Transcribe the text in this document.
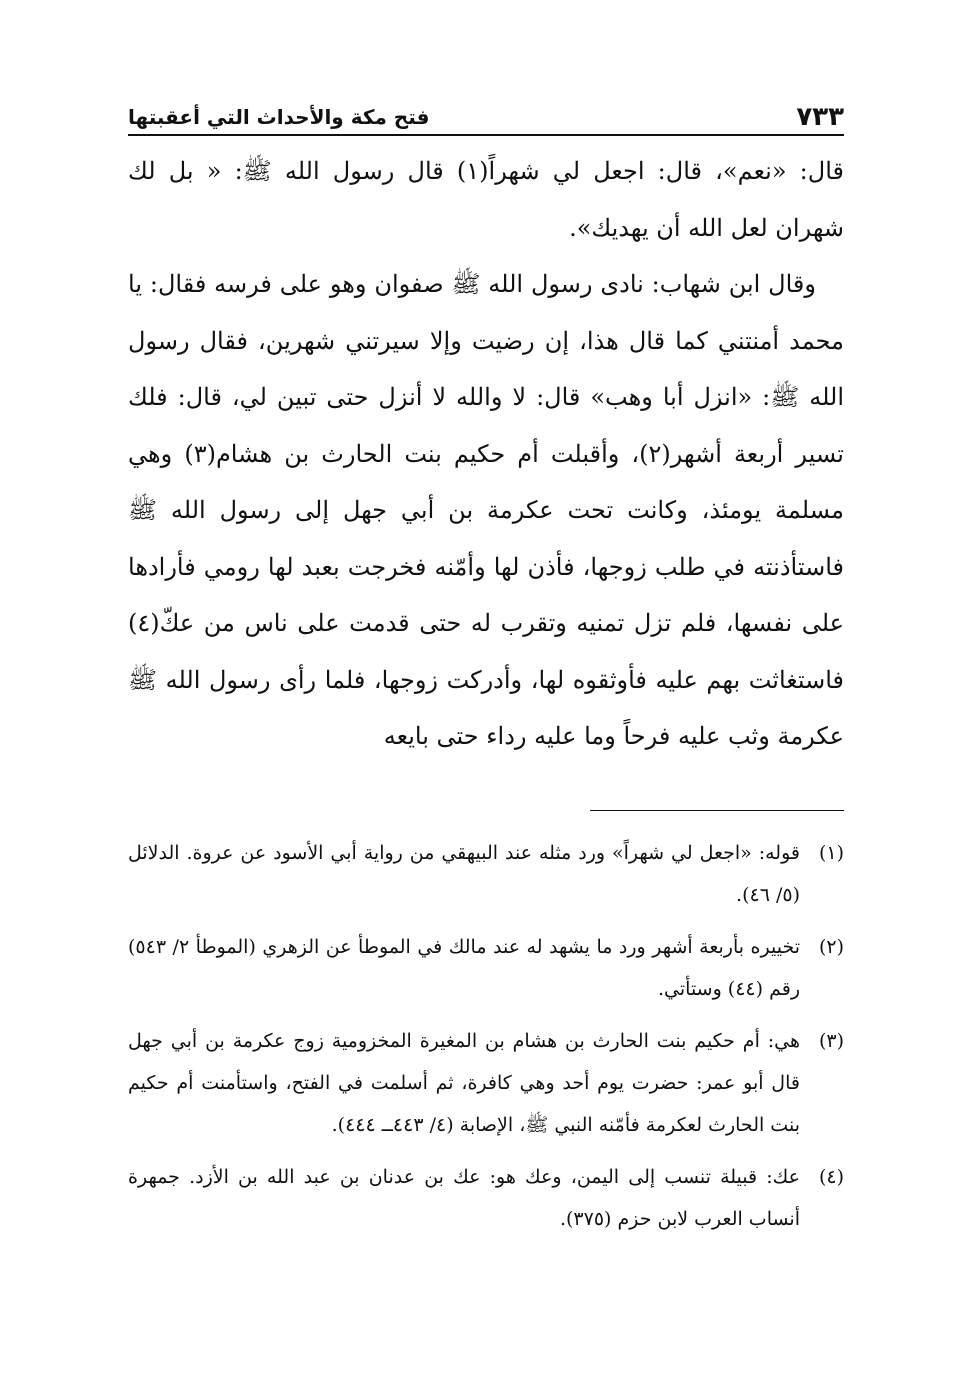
٧٣٣
فتح مكة والأحداث التي أعقبتها

قال: «نعم»، قال: اجعل لي شهراً(١) قال رسول الله ﷺ: « بل لك شهران لعل الله أن يهديك».

وقال ابن شهاب: نادى رسول الله ﷺ صفوان وهو على فرسه فقال: يا محمد أمنتني كما قال هذا، إن رضيت وإلا سيرتني شهرين، فقال رسول الله ﷺ: «انزل أبا وهب» قال: لا والله لا أنزل حتى تبين لي، قال: فلك تسير أربعة أشهر(٢)، وأقبلت أم حكيم بنت الحارث بن هشام(٣) وهي مسلمة يومئذ، وكانت تحت عكرمة بن أبي جهل إلى رسول الله ﷺ فاستأذنته في طلب زوجها، فأذن لها وأمّنه فخرجت بعبد لها رومي فأرادها على نفسها، فلم تزل تمنيه وتقرب له حتى قدمت على ناس من عكّ(٤) فاستغاثت بهم عليه فأوثقوه لها، وأدركت زوجها، فلما رأى رسول الله ﷺ عكرمة وثب عليه فرحاً وما عليه رداء حتى بايعه

(١)
قوله: «اجعل لي شهراً» ورد مثله عند البيهقي من رواية أبي الأسود عن عروة. الدلائل (٥/ ٤٦).
(٢)
تخييره بأربعة أشهر ورد ما يشهد له عند مالك في الموطأ عن الزهري (الموطأ ٢/ ٥٤٣) رقم (٤٤) وستأتي.
(٣)
هي: أم حكيم بنت الحارث بن هشام بن المغيرة المخزومية زوج عكرمة بن أبي جهل قال أبو عمر: حضرت يوم أحد وهي كافرة، ثم أسلمت في الفتح، واستأمنت أم حكيم بنت الحارث لعكرمة فأمّنه النبي ﷺ، الإصابة (٤/ ٤٤٣ــ ٤٤٤).
(٤)
عك: قبيلة تنسب إلى اليمن، وعك هو: عك بن عدنان بن عبد الله بن الأزد. جمهرة أنساب العرب لابن حزم (٣٧٥).
